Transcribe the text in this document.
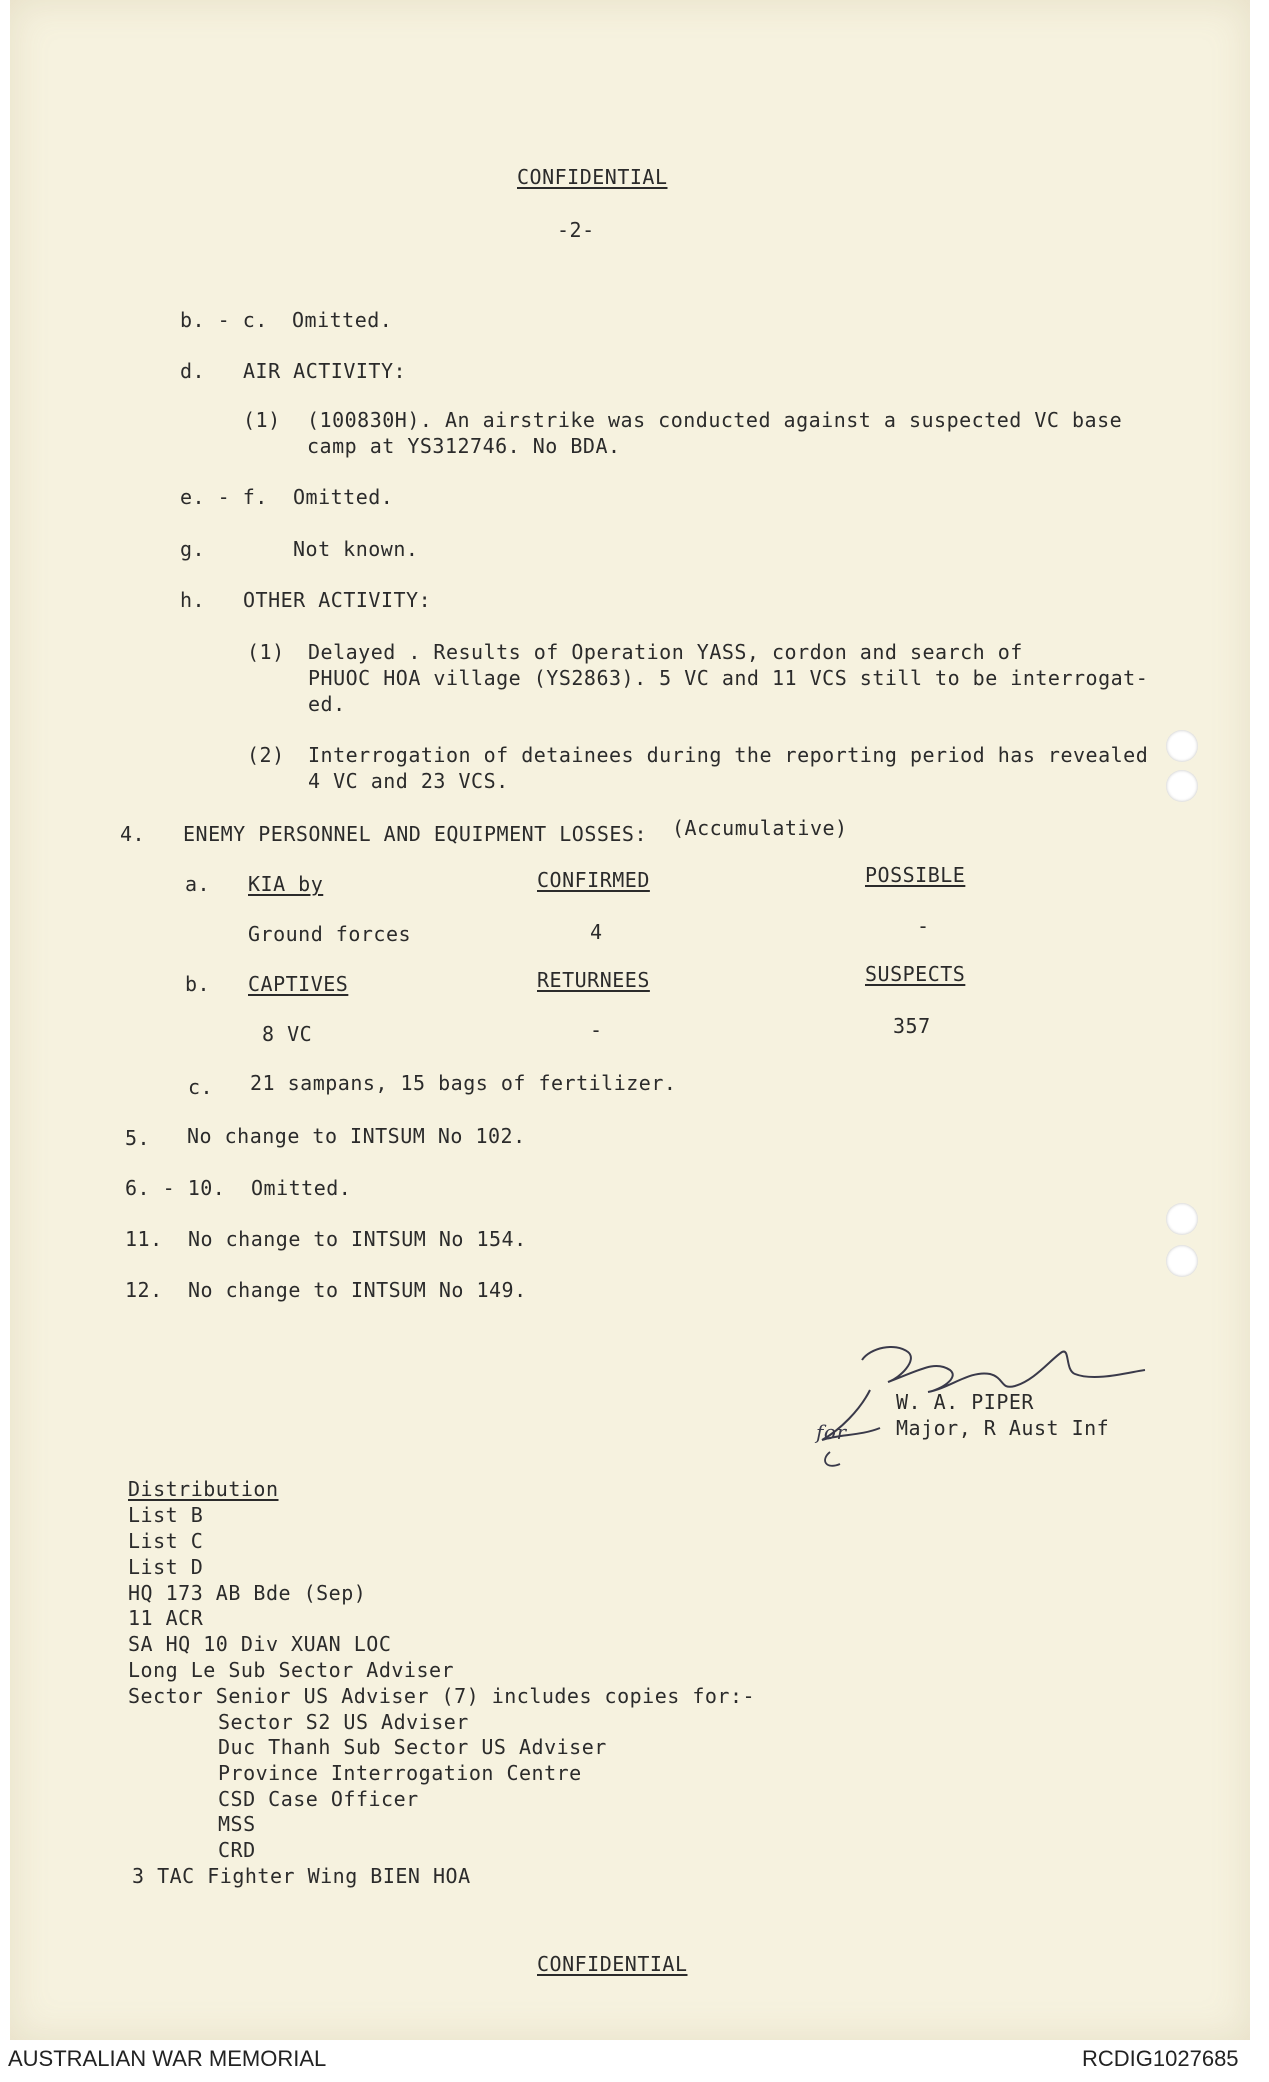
CONFIDENTIAL
-2-
b. - c. Omitted.
d. AIR ACTIVITY:
(1) (100830H). An airstrike was conducted against a suspected VC base
camp at YS312746. No BDA.
e. - f. Omitted.
g.	Not known.
h. OTHER ACTIVITY:
(1) Delayed . Results of Operation YASS, cordon and search of
PHUOC HOA village (YS2863). 5 VC and 11 VCS still to be interrogat-
ed.
(2) Interrogation of detainees during the reporting period has revealed
4 VC and 23 VCS.
4. ENEMY PERSONNEL AND EQUIPMENT LOSSES: (Accumulative)
a. KIA by	CONFIRMED	POSSIBLE
Ground forces	4	-
b. CAPTIVES	RETURNEES	SUSPECTS
8 VC	-	357
c. 21 sampans, 15 bags of fertilizer.
5. No change to INTSUM No 102.
6. - 10. Omitted.
11. No change to INTSUM No 154.
12. No change to INTSUM No 149.
for
W. A. PIPER
Major, R Aust Inf
Distribution
List B
List C
List D
HQ 173 AB Bde (Sep)
11 ACR
SA HQ 10 Div XUAN LOC
Long Le Sub Sector Adviser
Sector Senior US Adviser (7) includes copies for:-
Sector S2 US Adviser
Duc Thanh Sub Sector US Adviser
Province Interrogation Centre
CSD Case Officer
MSS
CRD
3 TAC Fighter Wing BIEN HOA
CONFIDENTIAL
AUSTRALIAN WAR MEMORIAL	RCDIG1027685
